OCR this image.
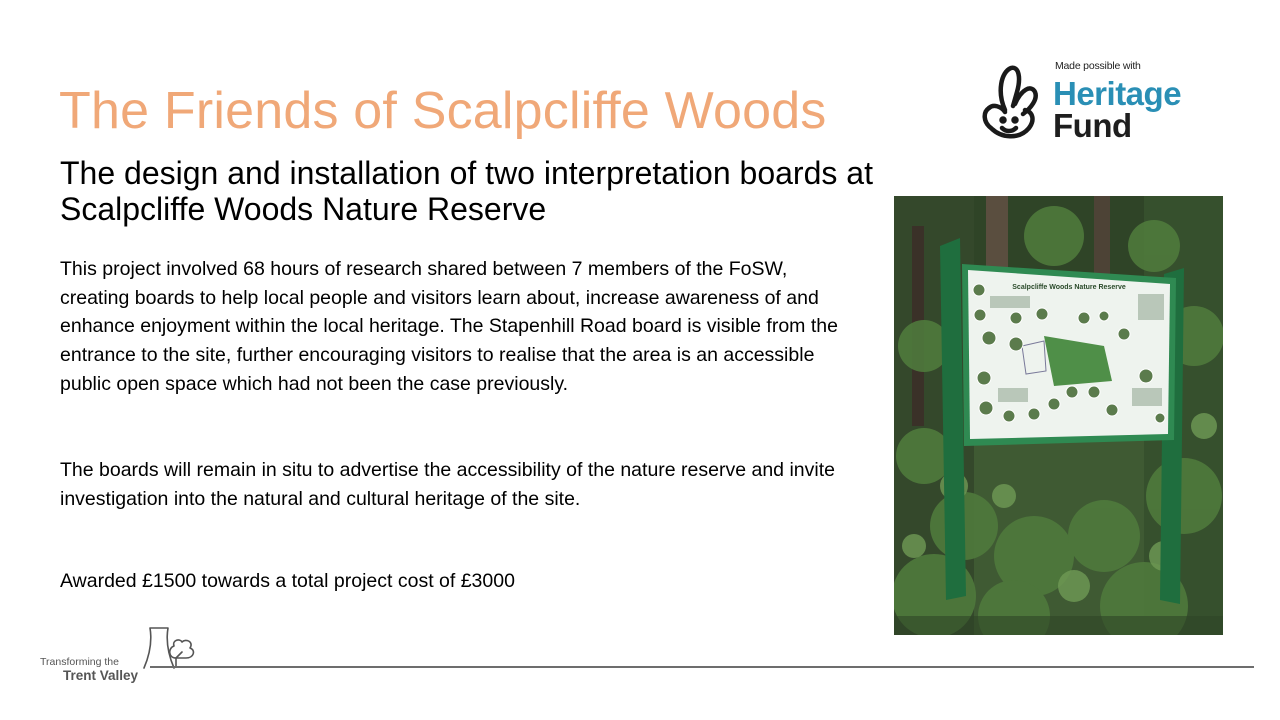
The Friends of Scalpcliffe Woods
The design and installation of two interpretation boards at Scalpcliffe Woods Nature Reserve

This project involved 68 hours of research shared between 7 members of the FoSW, creating boards to help local people and visitors learn about, increase awareness of and enhance enjoyment within the local heritage. The Stapenhill Road board is visible from the entrance to the site, further encouraging visitors to realise that the area is an accessible public open space which had not been the case previously.

The boards will remain in situ to advertise the accessibility of the nature reserve and invite investigation into the natural and cultural heritage of the site.
Awarded £1500 towards a total project cost of £3000
Made possible with
Heritage
Fund
Scalpcliffe Woods Nature Reserve
Transforming the
Trent Valley
